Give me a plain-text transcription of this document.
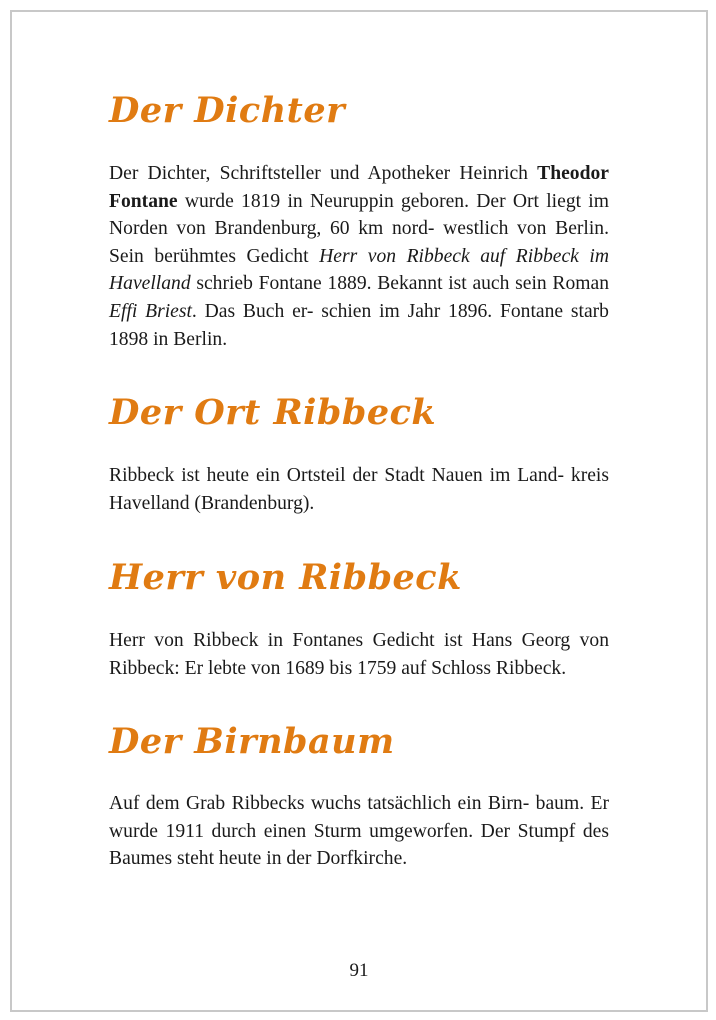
Der Dichter

Der Dichter, Schriftsteller und Apotheker Heinrich Theodor Fontane wurde 1819 in Neuruppin geboren. Der Ort liegt im Norden von Brandenburg, 60 km nord- westlich von Berlin. Sein berühmtes Gedicht Herr von Ribbeck auf Ribbeck im Havelland schrieb Fontane 1889. Bekannt ist auch sein Roman Effi Briest. Das Buch er- schien im Jahr 1896. Fontane starb 1898 in Berlin.

Der Ort Ribbeck

Ribbeck ist heute ein Ortsteil der Stadt Nauen im Land- kreis Havelland (Brandenburg).

Herr von Ribbeck

Herr von Ribbeck in Fontanes Gedicht ist Hans Georg von Ribbeck: Er lebte von 1689 bis 1759 auf Schloss Ribbeck.

Der Birnbaum

Auf dem Grab Ribbecks wuchs tatsächlich ein Birn- baum. Er wurde 1911 durch einen Sturm umgeworfen. Der Stumpf des Baumes steht heute in der Dorfkirche.

91
